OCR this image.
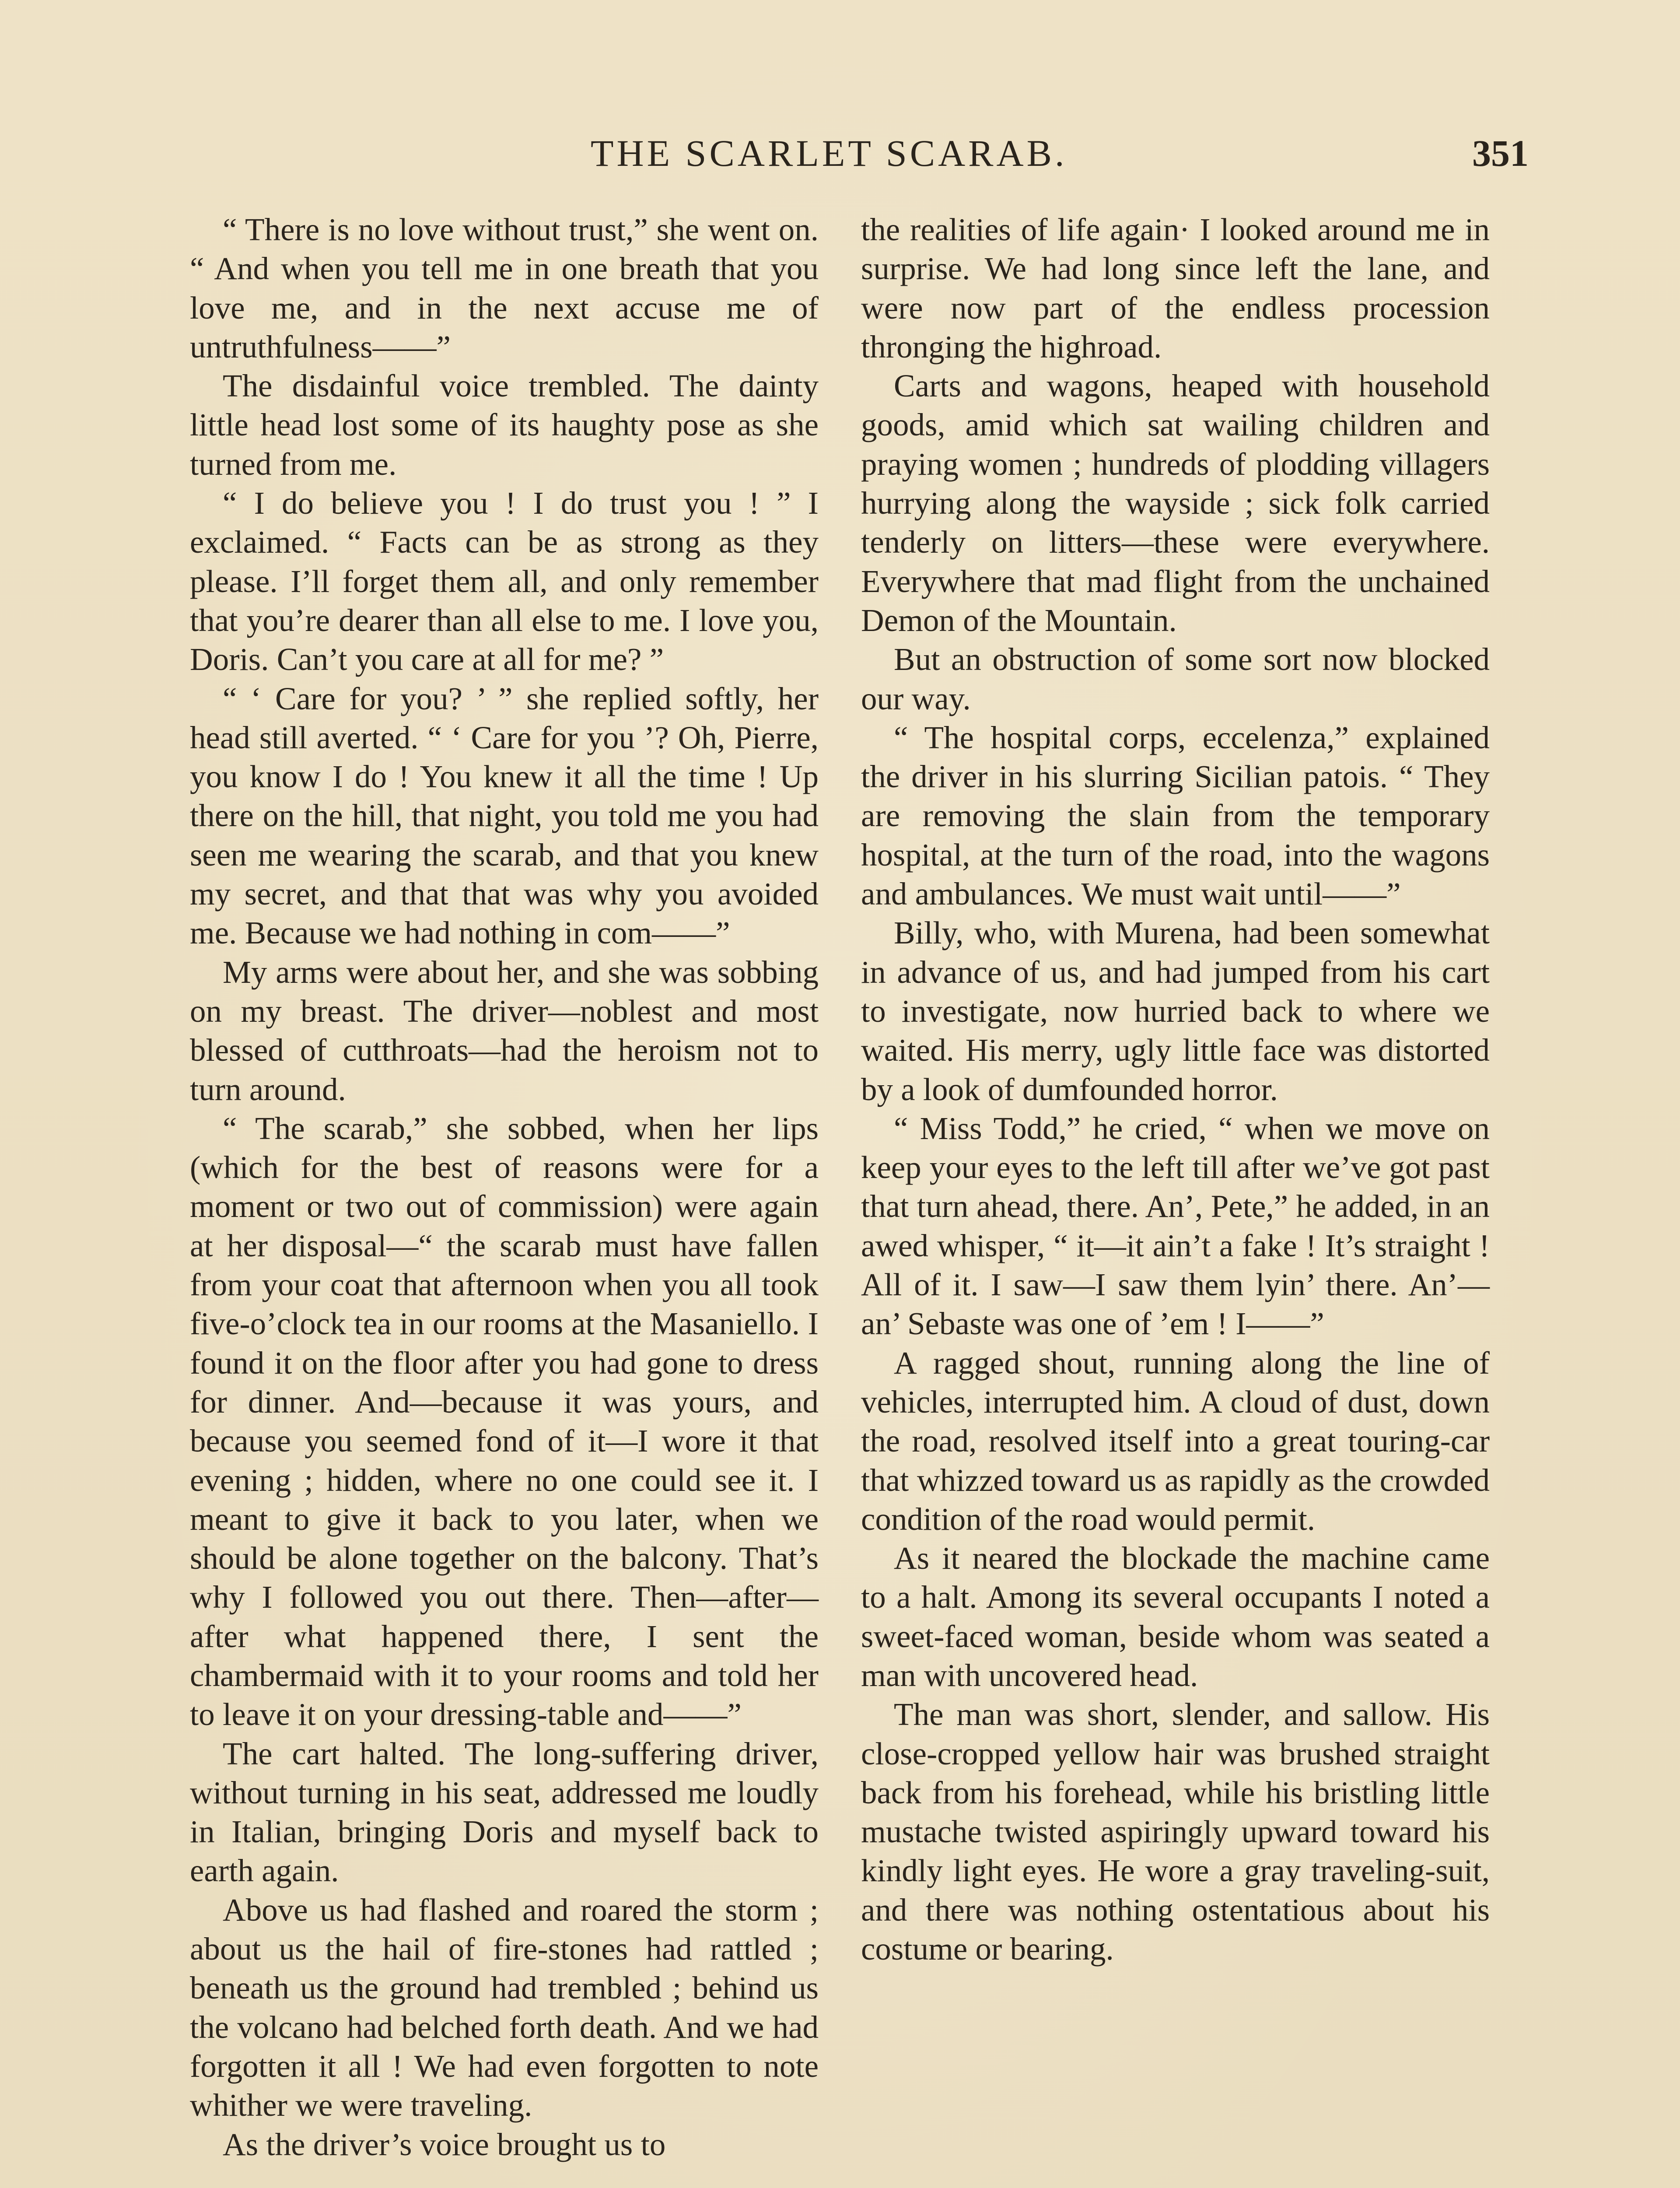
THE SCARLET SCARAB.	351

“ There is no love without trust,” she went on. “ And when you tell me in one breath that you love me, and in the next accuse me of untruthfulness——”

The disdainful voice trembled. The dainty little head lost some of its haughty pose as she turned from me.

“ I do believe you ! I do trust you ! ” I exclaimed. “ Facts can be as strong as they please. I’ll forget them all, and only remember that you’re dearer than all else to me. I love you, Doris. Can’t you care at all for me? ”

“ ‘ Care for you? ’ ” she replied softly, her head still averted. “ ‘ Care for you ’? Oh, Pierre, you know I do ! You knew it all the time ! Up there on the hill, that night, you told me you had seen me wearing the scarab, and that you knew my secret, and that that was why you avoided me. Because we had nothing in com——”

My arms were about her, and she was sobbing on my breast. The driver—noblest and most blessed of cutthroats—had the heroism not to turn around.

“ The scarab,” she sobbed, when her lips (which for the best of reasons were for a moment or two out of commission) were again at her disposal—“ the scarab must have fallen from your coat that afternoon when you all took five-o’clock tea in our rooms at the Masaniello. I found it on the floor after you had gone to dress for dinner. And—because it was yours, and because you seemed fond of it—I wore it that evening ; hidden, where no one could see it. I meant to give it back to you later, when we should be alone together on the balcony. That’s why I followed you out there. Then—after—after what happened there, I sent the chambermaid with it to your rooms and told her to leave it on your dressing-table and——”

The cart halted. The long-suffering driver, without turning in his seat, addressed me loudly in Italian, bringing Doris and myself back to earth again.

Above us had flashed and roared the storm ; about us the hail of fire-stones had rattled ; beneath us the ground had trembled ; behind us the volcano had belched forth death. And we had forgotten it all ! We had even forgotten to note whither we were traveling.

As the driver’s voice brought us to

the realities of life again· I looked around me in surprise. We had long since left the lane, and were now part of the endless procession thronging the highroad.

Carts and wagons, heaped with household goods, amid which sat wailing children and praying women ; hundreds of plodding villagers hurrying along the wayside ; sick folk carried tenderly on litters—these were everywhere. Everywhere that mad flight from the unchained Demon of the Mountain.

But an obstruction of some sort now blocked our way.

“ The hospital corps, eccelenza,” explained the driver in his slurring Sicilian patois. “ They are removing the slain from the temporary hospital, at the turn of the road, into the wagons and ambulances. We must wait until——”

Billy, who, with Murena, had been somewhat in advance of us, and had jumped from his cart to investigate, now hurried back to where we waited. His merry, ugly little face was distorted by a look of dumfounded horror.

“ Miss Todd,” he cried, “ when we move on keep your eyes to the left till after we’ve got past that turn ahead, there. An’, Pete,” he added, in an awed whisper, “ it—it ain’t a fake ! It’s straight ! All of it. I saw—I saw them lyin’ there. An’—an’ Sebaste was one of ’em ! I——”

A ragged shout, running along the line of vehicles, interrupted him. A cloud of dust, down the road, resolved itself into a great touring-car that whizzed toward us as rapidly as the crowded condition of the road would permit.

As it neared the blockade the machine came to a halt. Among its several occupants I noted a sweet-faced woman, beside whom was seated a man with uncovered head.

The man was short, slender, and sallow. His close-cropped yellow hair was brushed straight back from his forehead, while his bristling little mustache twisted aspiringly upward toward his kindly light eyes. He wore a gray traveling-suit, and there was nothing ostentatious about his costume or bearing.
